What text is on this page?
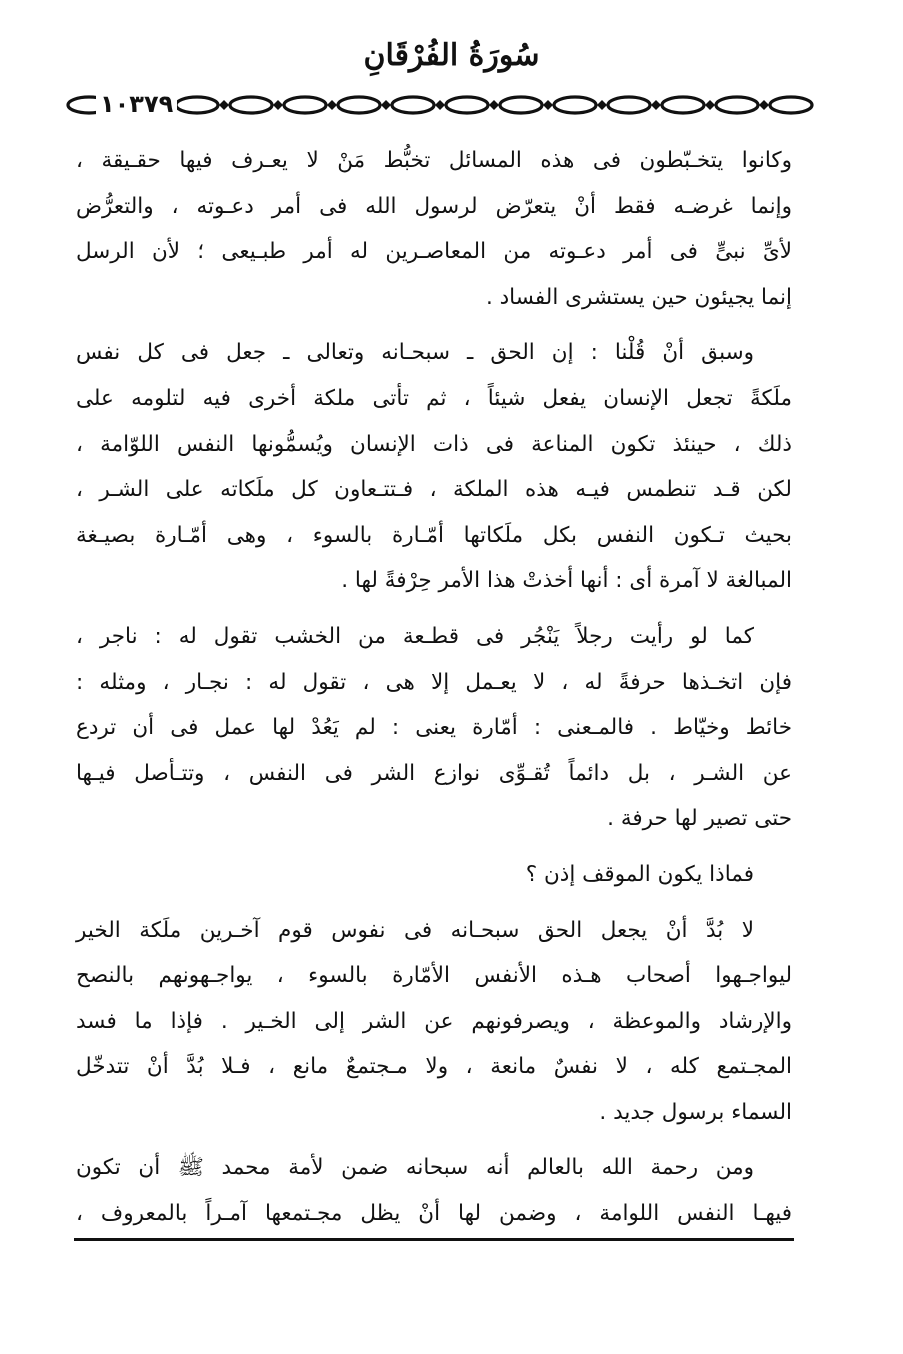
سُورَةُ الفُرْقَانِ
١٠٣٧٩
وكانوا يتخـبّطون فى هذه المسائل تخبُّط مَنْ لا يعـرف فيها حقـيقة ،
وإنما غرضـه فقط أنْ يتعرّض لرسول الله فى أمر دعـوته ، والتعرُّض
لأىِّ نبىٍّ فى أمر دعـوته من المعاصـرين له أمر طبـيعى ؛ لأن الرسل
إنما يجيئون حين يستشرى الفساد .
وسبق أنْ قُلْنا : إن الحق ـ سبحـانه وتعالى ـ جعل فى كل نفس
ملَكةً تجعل الإنسان يفعل شيئاً ، ثم تأتى ملكة أخرى فيه لتلومه على
ذلك ، حينئذ تكون المناعة فى ذات الإنسان ويُسمُّونها النفس اللوّامة ،
لكن قـد تنطمس فيـه هذه الملكة ، فـتتـعاون كل ملَكاته على الشـر ،
بحيث تـكون النفس بكل ملَكاتها أمّـارة بالسوء ، وهى أمّـارة بصيـغة
المبالغة لا آمرة أى : أنها أخذتْ هذا الأمر حِرْفةً لها .
كما لو رأيت رجلاً يَنْجُر فى قطـعة من الخشب تقول له : ناجر ،
فإن اتخـذها حرفةً له ، لا يعـمل إلا هى ، تقول له : نجـار ، ومثله :
خائط وخيّاط . فالمـعنى : أمّارة يعنى : لم يَعُدْ لها عمل فى أن تردع
عن الشـر ، بل دائماً تُقـوِّى نوازع الشر فى النفس ، وتتـأصل فيـها
حتى تصير لها حرفة .
فماذا يكون الموقف إذن ؟
لا بُدَّ أنْ يجعل الحق سبحـانه فى نفوس قوم آخـرين ملَكة الخير
ليواجـهوا أصحاب هـذه الأنفس الأمّارة بالسوء ، يواجـهونهم بالنصح
والإرشاد والموعظة ، ويصرفونهم عن الشر إلى الخـير . فإذا ما فسد
المجـتمع كله ، لا نفسٌ مانعة ، ولا مـجتمعٌ مانع ، فـلا بُدَّ أنْ تتدخّل
السماء برسول جديد .
ومن رحمة الله بالعالم أنه سبحانه ضمن لأمة محمد ﷺ أن تكون
فيهـا النفس اللوامة ، وضمن لها أنْ يظل مجـتمعها آمـراً بالمعروف ،
